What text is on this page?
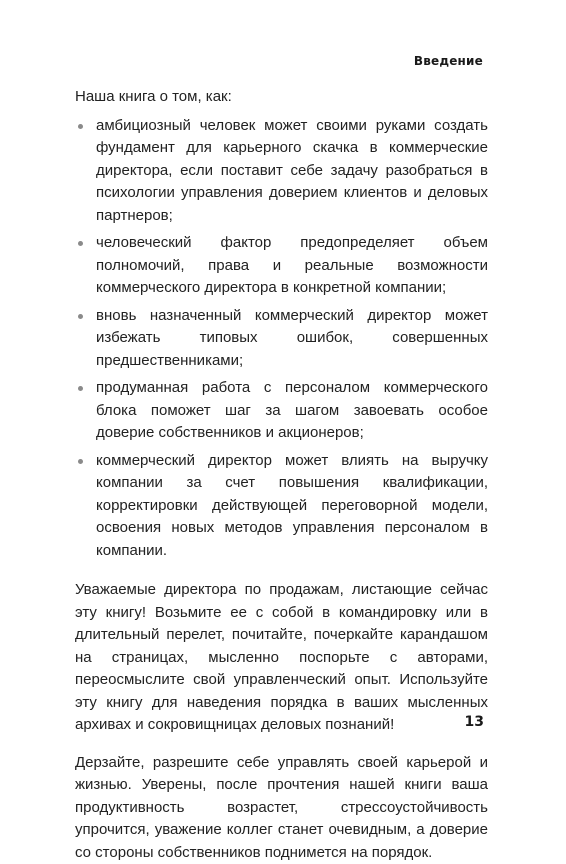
Введение

Наша книга о том, как:

амбициозный человек может своими руками создать фундамент для карьерного скачка в коммерческие директора, если поставит себе задачу разобраться в психологии управления доверием клиентов и деловых партнеров;
человеческий фактор предопределяет объем полномочий, права и реальные возможности коммерческого директора в конкретной компании;
вновь назначенный коммерческий директор может избежать типовых ошибок, совершенных предшественниками;
продуманная работа с персоналом коммерческого блока поможет шаг за шагом завоевать особое доверие собственников и акционеров;
коммерческий директор может влиять на выручку компании за счет повышения квалификации, корректировки действующей переговорной модели, освоения новых методов управления персоналом в компании.

Уважаемые директора по продажам, листающие сейчас эту книгу! Возьмите ее с собой в командировку или в длительный перелет, почитайте, почеркайте карандашом на страницах, мысленно поспорьте с авторами, переосмыслите свой управленческий опыт. Используйте эту книгу для наведения порядка в ваших мысленных архивах и сокровищницах деловых познаний!

Дерзайте, разрешите себе управлять своей карьерой и жизнью. Уверены, после прочтения нашей книги ваша продуктивность возрастет, стрессоустойчивость упрочится, уважение коллег станет очевидным, а доверие со стороны собственников поднимется на порядок.

13
